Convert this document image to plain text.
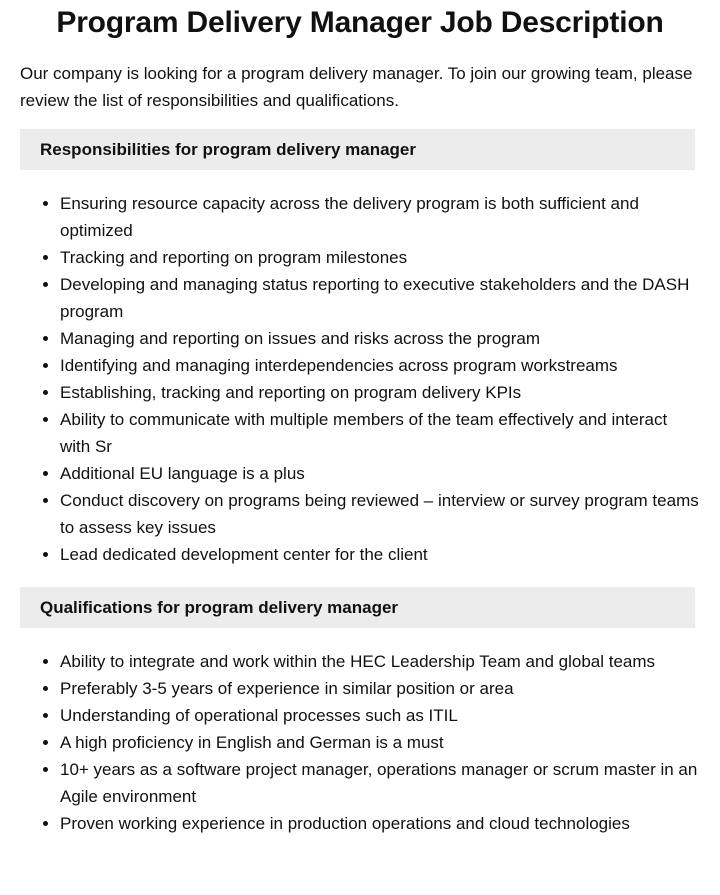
Program Delivery Manager Job Description

Our company is looking for a program delivery manager. To join our growing team, please review the list of responsibilities and qualifications.

Responsibilities for program delivery manager
• Ensuring resource capacity across the delivery program is both sufficient and optimized
• Tracking and reporting on program milestones
• Developing and managing status reporting to executive stakeholders and the DASH program
• Managing and reporting on issues and risks across the program
• Identifying and managing interdependencies across program workstreams
• Establishing, tracking and reporting on program delivery KPIs
• Ability to communicate with multiple members of the team effectively and interact with Sr
• Additional EU language is a plus
• Conduct discovery on programs being reviewed – interview or survey program teams to assess key issues
• Lead dedicated development center for the client
Qualifications for program delivery manager
• Ability to integrate and work within the HEC Leadership Team and global teams
• Preferably 3-5 years of experience in similar position or area
• Understanding of operational processes such as ITIL
• A high proficiency in English and German is a must
• 10+ years as a software project manager, operations manager or scrum master in an Agile environment
• Proven working experience in production operations and cloud technologies
